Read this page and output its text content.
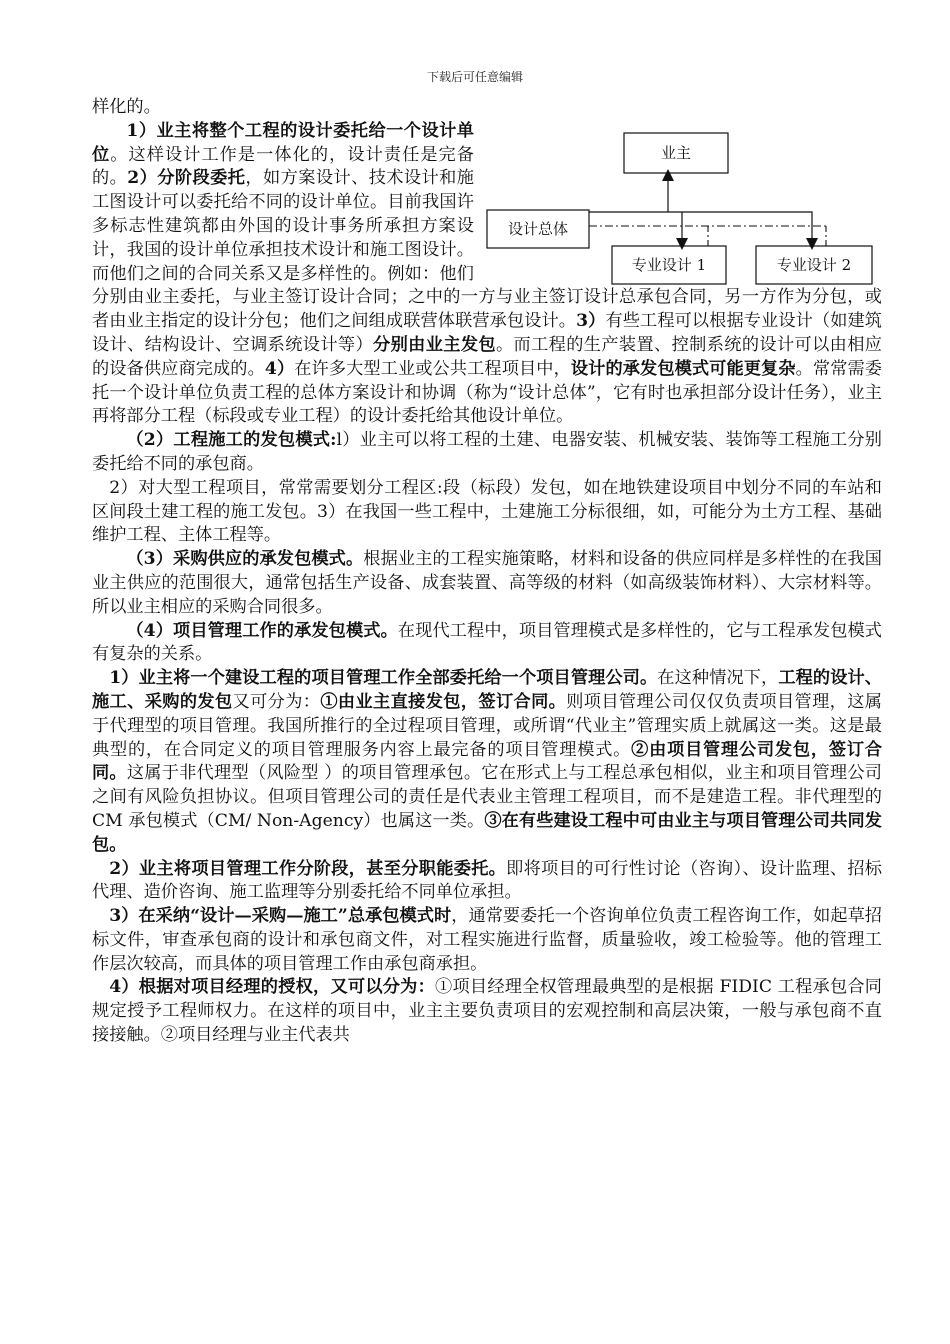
下载后可任意编辑
业主
设计总体
专业设计 1	专业设计 2

样化的。

1）业主将整个工程的设计委托给一个设计单位。这样设计工作是一体化的，设计责任是完备的。2）分阶段委托，如方案设计、技术设计和施工图设计可以委托给不同的设计单位。目前我国许多标志性建筑都由外国的设计事务所承担方案设计，我国的设计单位承担技术设计和施工图设计。而他们之间的合同关系又是多样性的。例如：他们分别由业主委托，与业主签订设计合同；之中的一方与业主签订设计总承包合同，另一方作为分包，或者由业主指定的设计分包；他们之间组成联营体联营承包设计。3）有些工程可以根据专业设计（如建筑设计、结构设计、空调系统设计等）分别由业主发包。而工程的生产装置、控制系统的设计可以由相应的设备供应商完成的。4）在许多大型工业或公共工程项目中，设计的承发包模式可能更复杂。常常需委托一个设计单位负责工程的总体方案设计和协调（称为“设计总体”，它有时也承担部分设计任务），业主再将部分工程（标段或专业工程）的设计委托给其他设计单位。

（2）工程施工的发包模式:l）业主可以将工程的土建、电器安装、机械安装、装饰等工程施工分别委托给不同的承包商。

2）对大型工程项目，常常需要划分工程区:段（标段）发包，如在地铁建设项目中划分不同的车站和区间段土建工程的施工发包。3）在我国一些工程中，土建施工分标很细，如，可能分为土方工程、基础维护工程、主体工程等。

（3）采购供应的承发包模式。根据业主的工程实施策略，材料和设备的供应同样是多样性的在我国业主供应的范围很大，通常包括生产设备、成套装置、高等级的材料（如高级装饰材料）、大宗材料等。所以业主相应的采购合同很多。

（4）项目管理工作的承发包模式。在现代工程中，项目管理模式是多样性的，它与工程承发包模式有复杂的关系。

1）业主将一个建设工程的项目管理工作全部委托给一个项目管理公司。在这种情况下，工程的设计、施工、采购的发包又可分为：①由业主直接发包，签订合同。则项目管理公司仅仅负责项目管理，这属于代理型的项目管理。我国所推行的全过程项目管理，或所谓“代业主”管理实质上就属这一类。这是最典型的，在合同定义的项目管理服务内容上最完备的项目管理模式。②由项目管理公司发包，签订合同。这属于非代理型（风险型 ）的项目管理承包。它在形式上与工程总承包相似，业主和项目管理公司之间有风险负担协议。但项目管理公司的责任是代表业主管理工程项目，而不是建造工程。非代理型的 CM 承包模式（CM/ Non-Agency）也属这一类。③在有些建设工程中可由业主与项目管理公司共同发包。

2）业主将项目管理工作分阶段，甚至分职能委托。即将项目的可行性讨论（咨询）、设计监理、招标代理、造价咨询、施工监理等分别委托给不同单位承担。

3）在采纳“设计—采购—施工”总承包模式时，通常要委托一个咨询单位负责工程咨询工作，如起草招标文件，审查承包商的设计和承包商文件，对工程实施进行监督，质量验收，竣工检验等。他的管理工作层次较高，而具体的项目管理工作由承包商承担。

4）根据对项目经理的授权，又可以分为：①项目经理全权管理最典型的是根据 FIDIC 工程承包合同规定授予工程师权力。在这样的项目中，业主主要负责项目的宏观控制和高层决策，一般与承包商不直接接触。②项目经理与业主代表共
